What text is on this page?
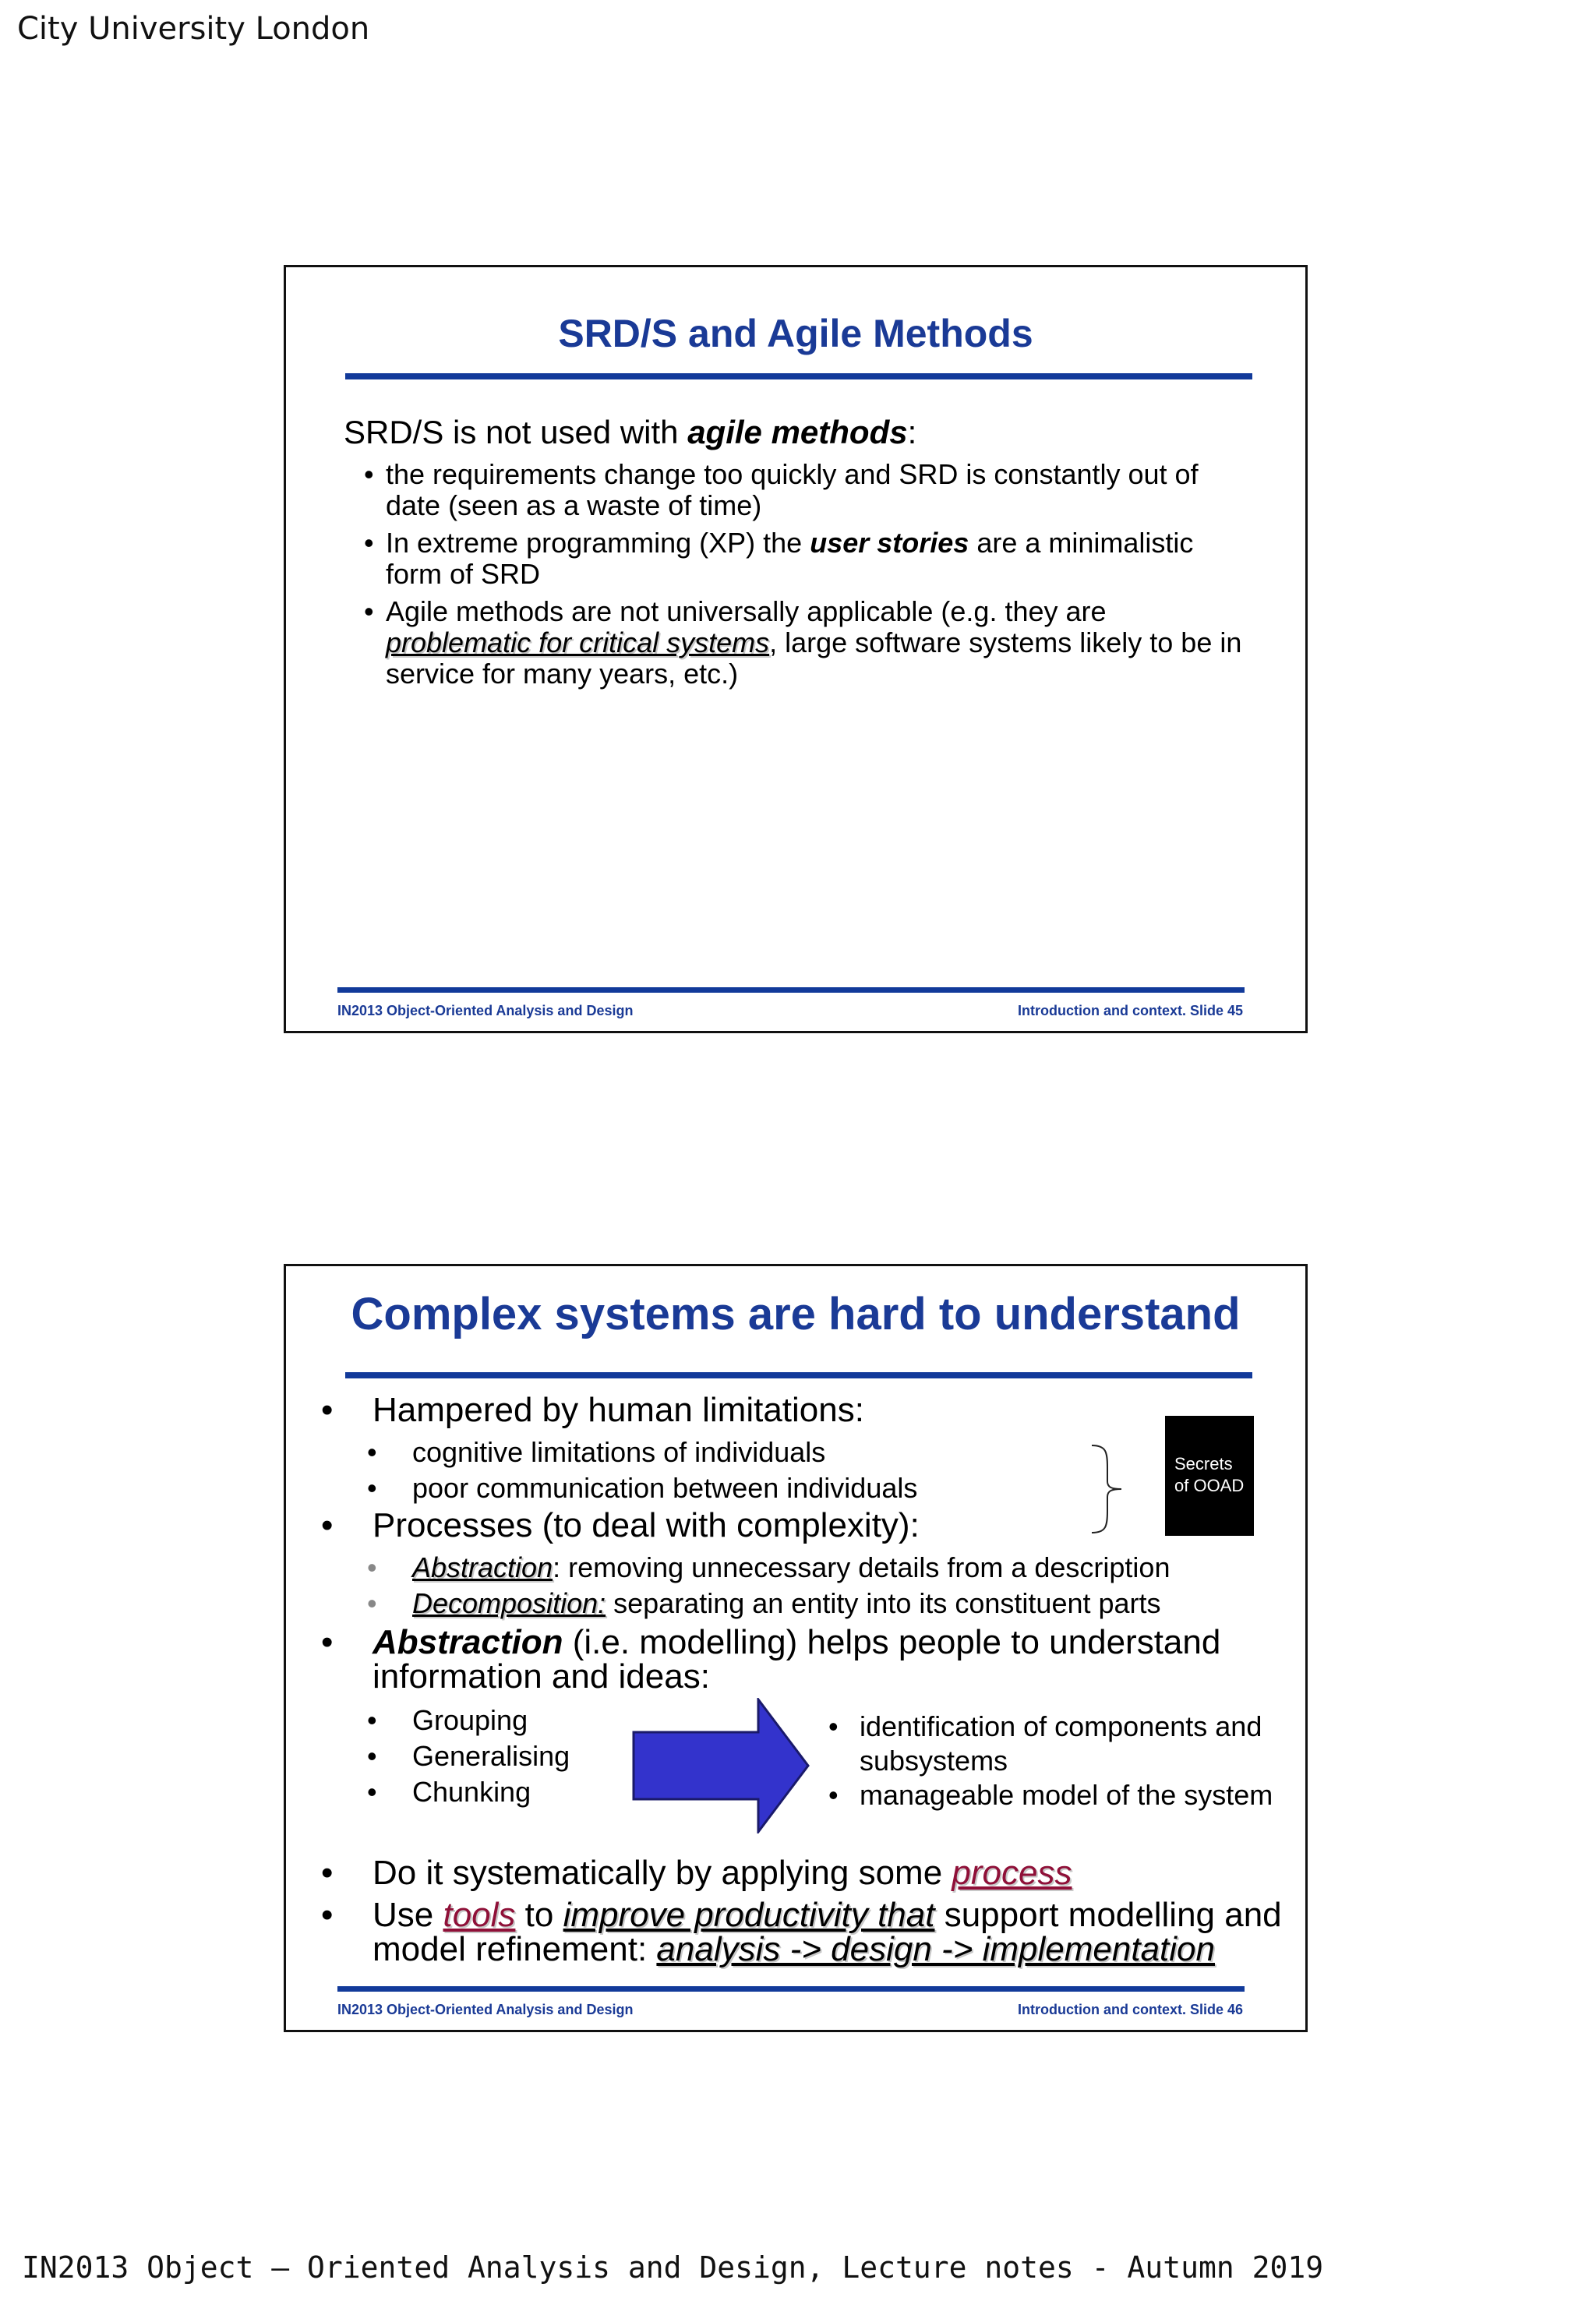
City University London
SRD/S and Agile Methods
SRD/S is not used with agile methods:
• the requirements change too quickly and SRD is constantly out of
date (seen as a waste of time)
• In extreme programming (XP) the user stories are a minimalistic
form of SRD
• Agile methods are not universally applicable (e.g. they are
problematic for critical systems, large software systems likely to be in
service for many years, etc.)
IN2013 Object-Oriented Analysis and Design	Introduction and context. Slide 45
Complex systems are hard to understand
• Hampered by human limitations:
• cognitive limitations of individuals
• poor communication between individuals
Secrets
of OOAD
• Processes (to deal with complexity):
• Abstraction: removing unnecessary details from a description
• Decomposition: separating an entity into its constituent parts
• Abstraction (i.e. modelling) helps people to understand
information and ideas:
• Grouping
• Generalising
• Chunking
• identification of components and
subsystems
• manageable model of the system
• Do it systematically by applying some process
• Use tools to improve productivity that support modelling and
model refinement: analysis -> design -> implementation
IN2013 Object-Oriented Analysis and Design	Introduction and context. Slide 46
IN2013 Object – Oriented Analysis and Design, Lecture notes - Autumn 2019
